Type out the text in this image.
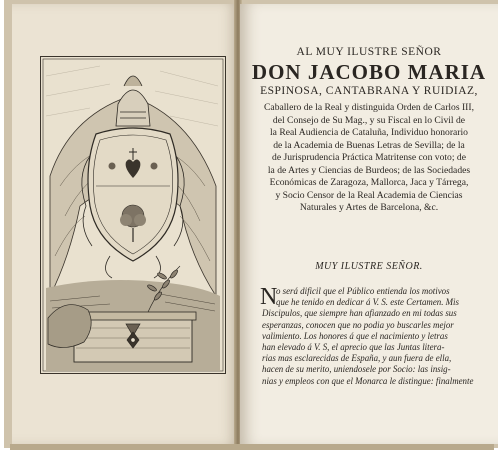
AL MUY ILUSTRE SEÑOR
DON JACOBO MARIA
ESPINOSA, CANTABRANA Y RUIDIAZ,
Caballero de la Real y distinguida Orden de Carlos III,
del Consejo de Su Mag., y su Fiscal en lo Civil de
la Real Audiencia de Cataluña, Individuo honorario
de la Academia de Buenas Letras de Sevilla; de la
de Jurisprudencia Práctica Matritense con voto; de
la de Artes y Ciencias de Burdeos; de las Sociedades
Económicas de Zaragoza, Mallorca, Jaca y Tárrega,
y Socio Censor de la Real Academia de Ciencias
Naturales y Artes de Barcelona, &c.
MUY ILUSTRE SEÑOR.
N
o será dificil que el Público entienda los motivos
que he tenido en dedicar á V. S. este Certamen. Mis
Discipulos, que siempre han afianzado en mi todas sus
esperanzas, conocen que no podia yo buscarles mejor
valimiento. Los honores á que el nacimiento y letras
han elevado á V. S, el aprecio que las Juntas litera-
rias mas esclarecidas de España, y aun fuera de ella,
hacen de su merito, uniendosele por Socio: las insig-
nias y empleos con que el Monarca le distingue: finalmente
